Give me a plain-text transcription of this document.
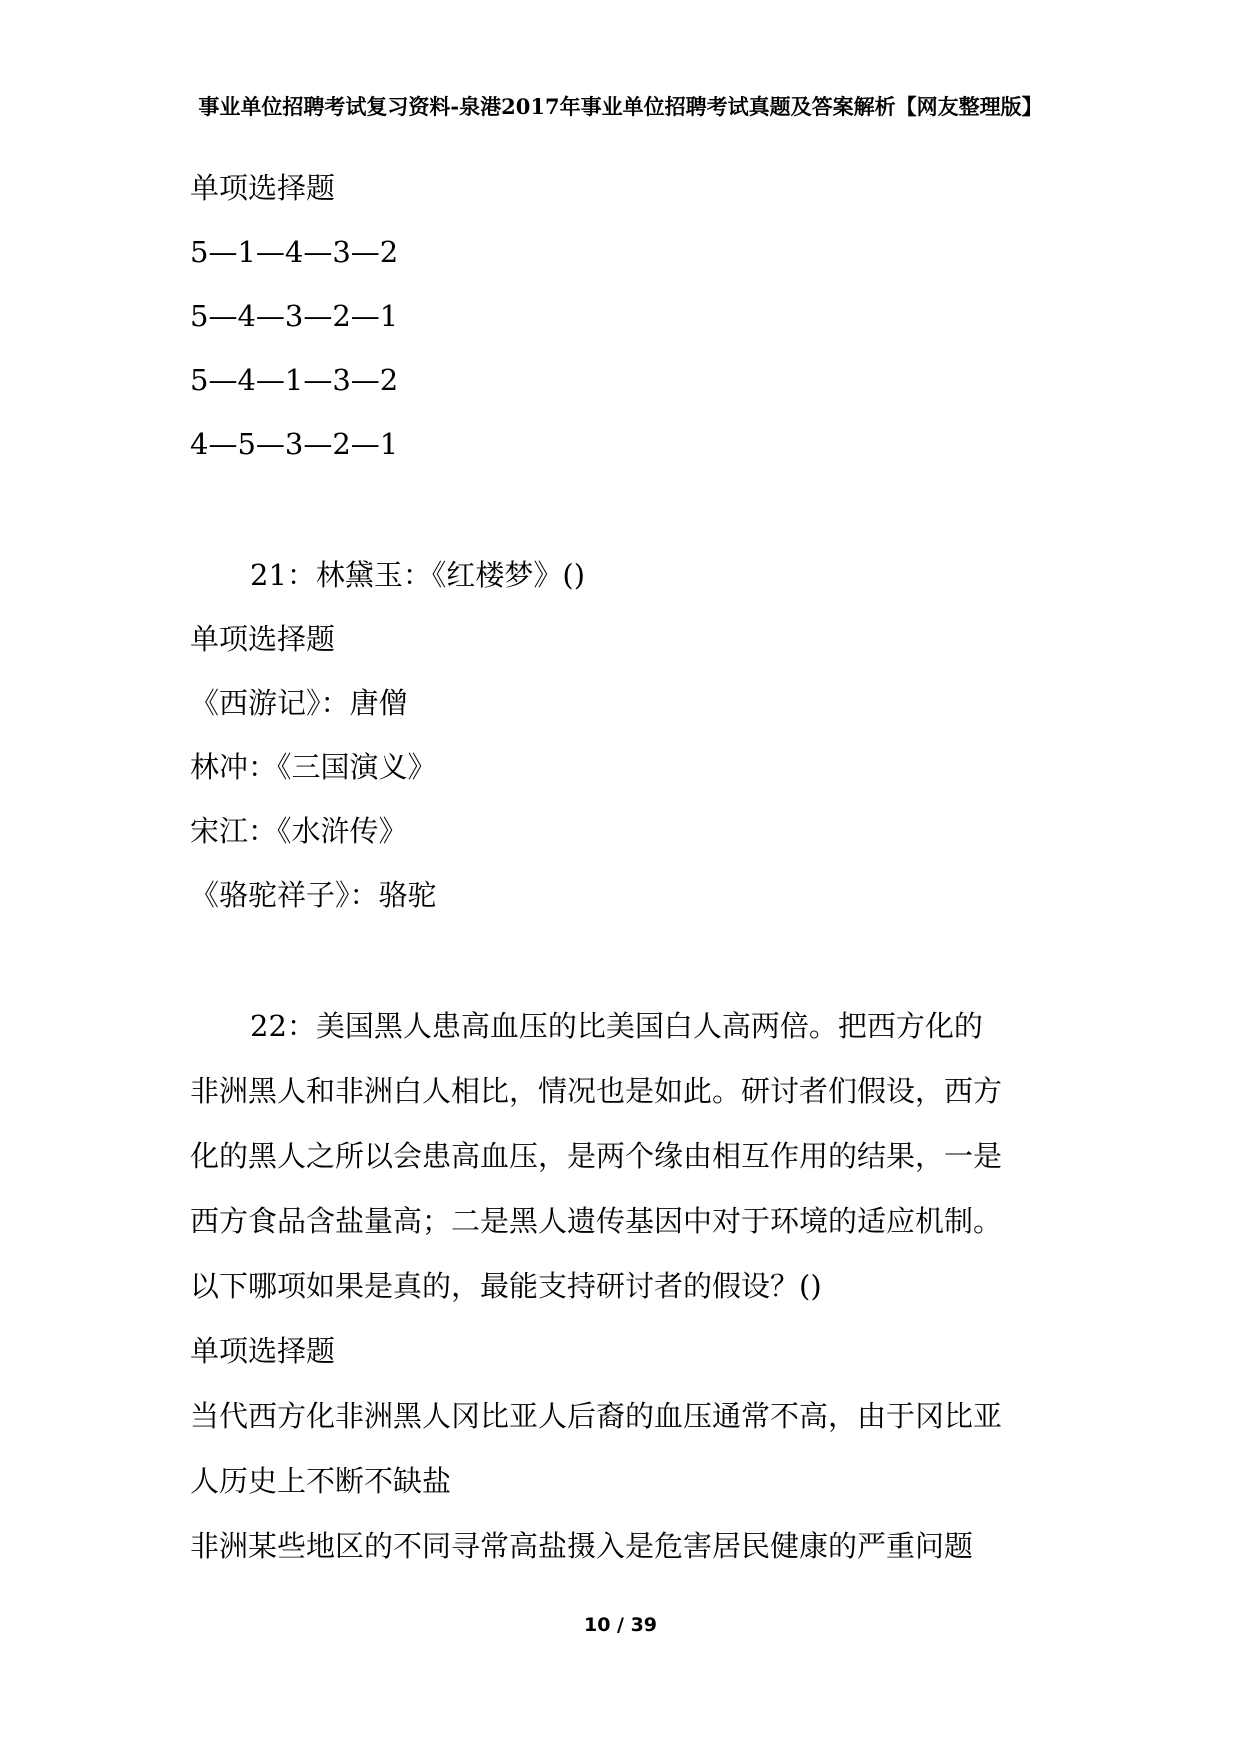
事业单位招聘考试复习资料-泉港2017年事业单位招聘考试真题及答案解析【网友整理版】
单项选择题
5—1—4—3—2
5—4—3—2—1
5—4—1—3—2
4—5—3—2—1
21：林黛玉：《红楼梦》()
单项选择题
《西游记》：唐僧
林冲：《三国演义》
宋江：《水浒传》
《骆驼祥子》：骆驼
22：美国黑人患高血压的比美国白人高两倍。把西方化的
非洲黑人和非洲白人相比，情况也是如此。研讨者们假设，西方
化的黑人之所以会患高血压，是两个缘由相互作用的结果，一是
西方食品含盐量高；二是黑人遗传基因中对于环境的适应机制。
以下哪项如果是真的，最能支持研讨者的假设？()
单项选择题
当代西方化非洲黑人冈比亚人后裔的血压通常不高，由于冈比亚
人历史上不断不缺盐
非洲某些地区的不同寻常高盐摄入是危害居民健康的严重问题
10 / 39
